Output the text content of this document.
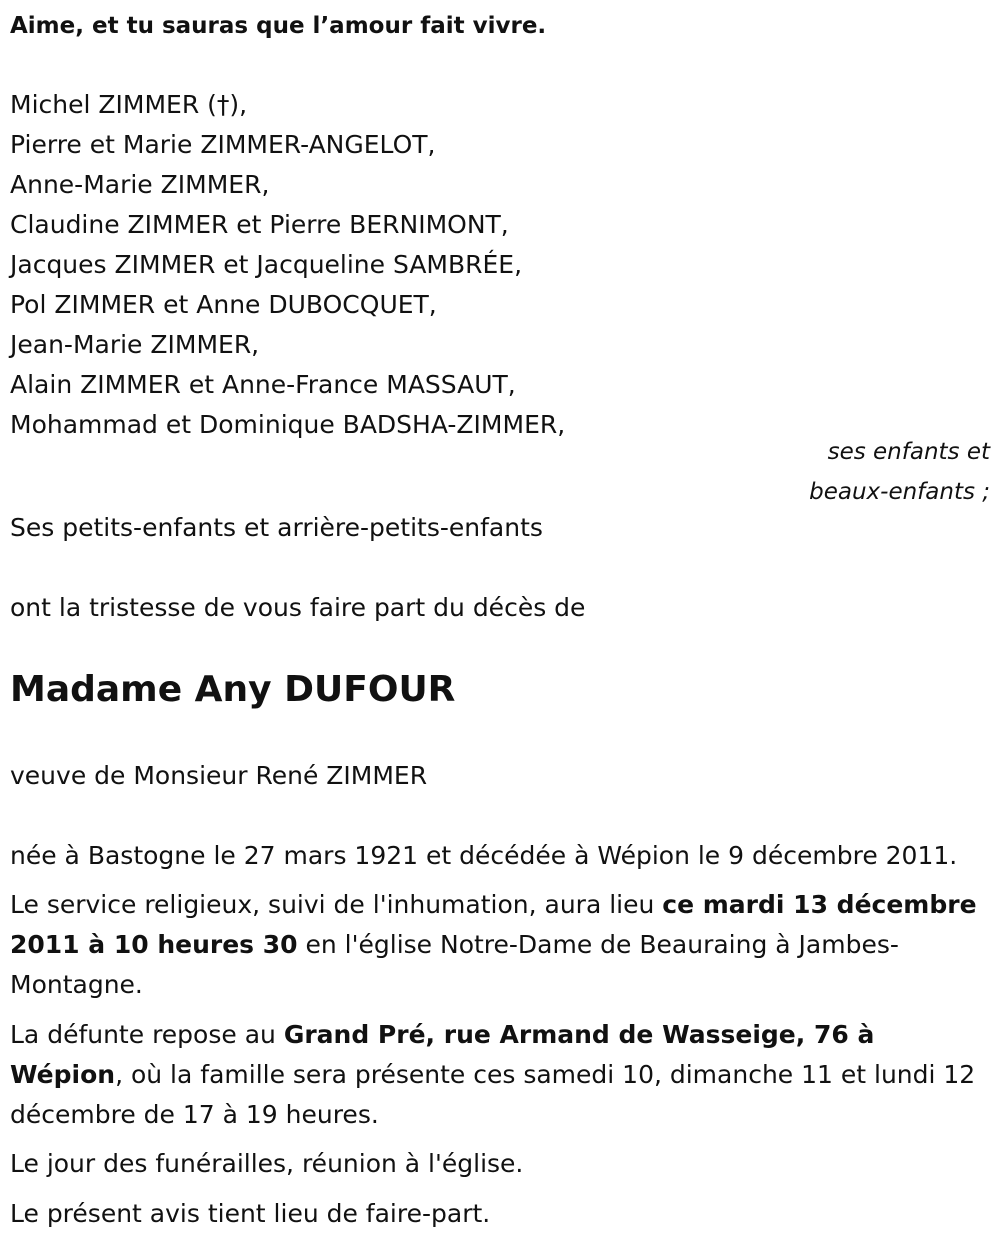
Aime, et tu sauras que l’amour fait vivre.
Michel ZIMMER (†),
Pierre et Marie ZIMMER-ANGELOT,
Anne-Marie ZIMMER,
Claudine ZIMMER et Pierre BERNIMONT,
Jacques ZIMMER et Jacqueline SAMBRÉE,
Pol ZIMMER et Anne DUBOCQUET,
Jean-Marie ZIMMER,
Alain ZIMMER et Anne-France MASSAUT,
Mohammad et Dominique BADSHA-ZIMMER,
ses enfants et
beaux-enfants ;
Ses petits-enfants et arrière-petits-enfants
ont la tristesse de vous faire part du décès de
Madame Any DUFOUR
veuve de Monsieur René ZIMMER
née à Bastogne le 27 mars 1921 et décédée à Wépion le 9 décembre 2011.
Le service religieux, suivi de l'inhumation, aura lieu ce mardi 13 décembre 2011 à 10 heures 30 en l'église Notre-Dame de Beauraing à Jambes-Montagne.
La défunte repose au Grand Pré, rue Armand de Wasseige, 76 à Wépion, où la famille sera présente ces samedi 10, dimanche 11 et lundi 12 décembre de 17 à 19 heures.
Le jour des funérailles, réunion à l'église.
Le présent avis tient lieu de faire-part.
